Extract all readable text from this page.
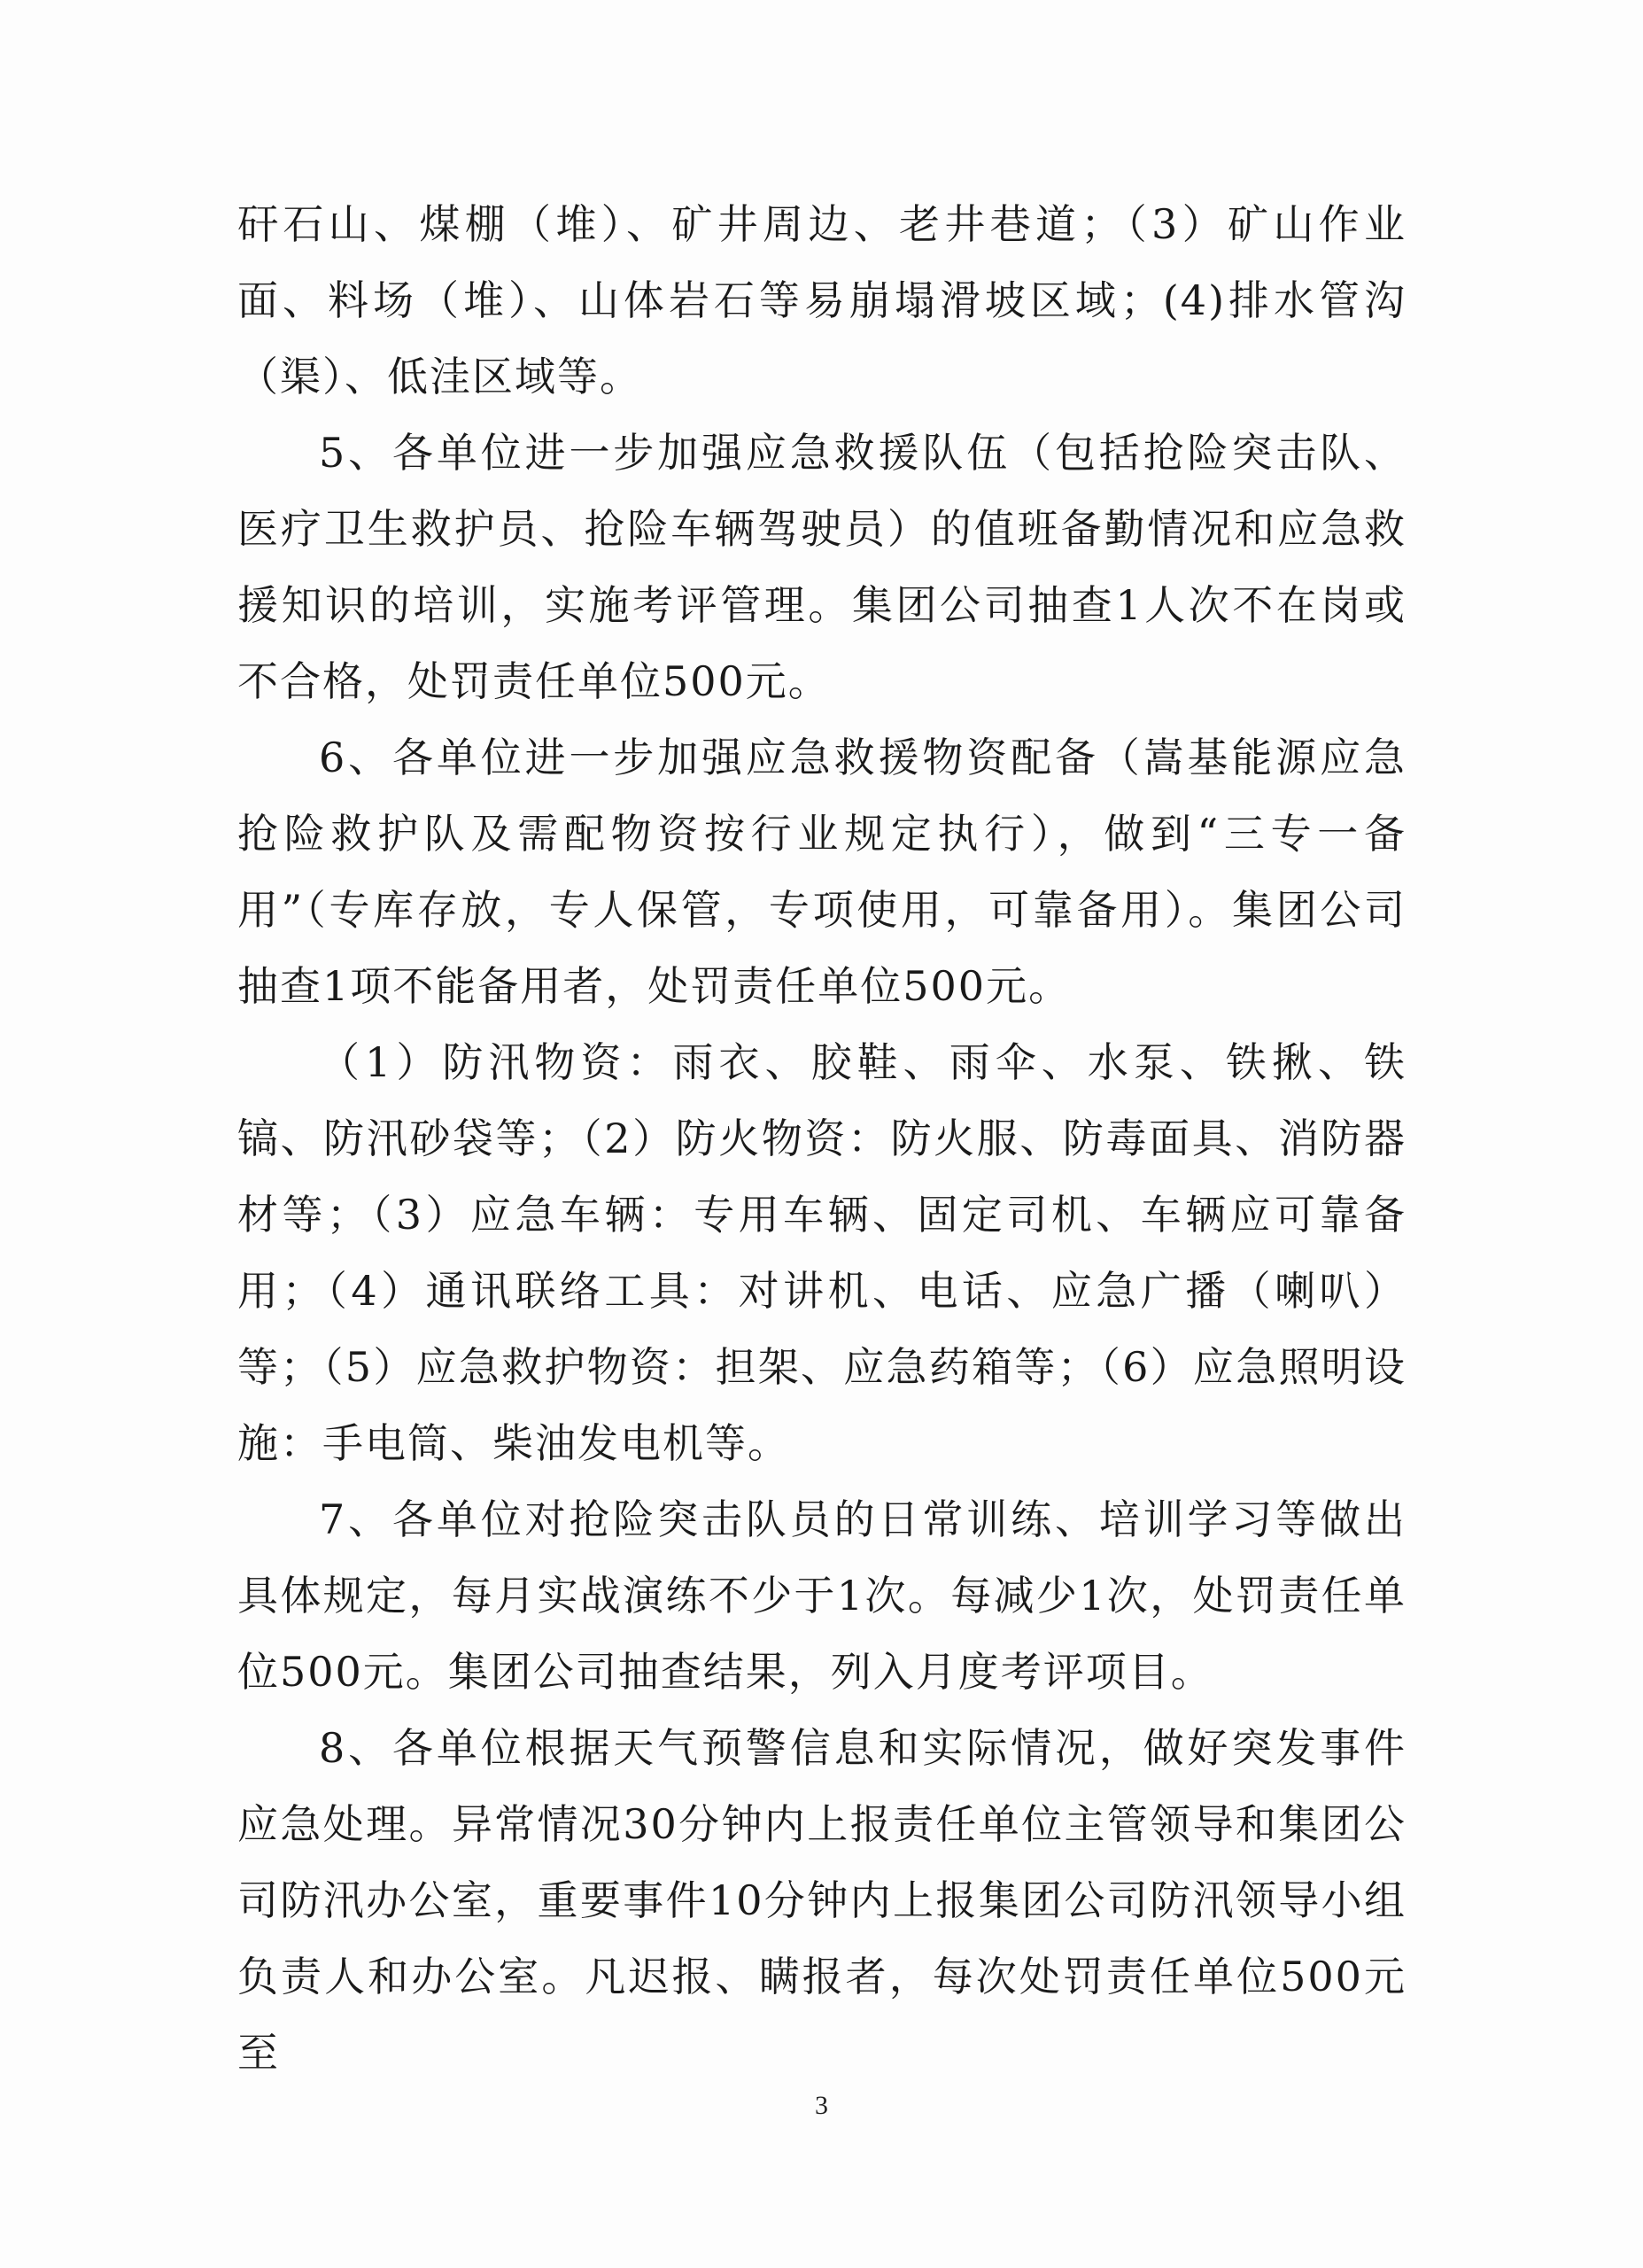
矸石山、煤棚（堆）、矿井周边、老井巷道；（3）矿山作业面、料场（堆）、山体岩石等易崩塌滑坡区域；(4)排水管沟（渠）、低洼区域等。

5、各单位进一步加强应急救援队伍（包括抢险突击队、医疗卫生救护员、抢险车辆驾驶员）的值班备勤情况和应急救援知识的培训，实施考评管理。集团公司抽查1人次不在岗或不合格，处罚责任单位500元。

6、各单位进一步加强应急救援物资配备（嵩基能源应急抢险救护队及需配物资按行业规定执行），做到“三专一备用”（专库存放，专人保管，专项使用，可靠备用）。集团公司抽查1项不能备用者，处罚责任单位500元。

（1）防汛物资：雨衣、胶鞋、雨伞、水泵、铁揪、铁镐、防汛砂袋等；（2）防火物资：防火服、防毒面具、消防器材等；（3）应急车辆：专用车辆、固定司机、车辆应可靠备用；（4）通讯联络工具：对讲机、电话、应急广播（喇叭）等；（5）应急救护物资：担架、应急药箱等；（6）应急照明设施：手电筒、柴油发电机等。

7、各单位对抢险突击队员的日常训练、培训学习等做出具体规定，每月实战演练不少于1次。每减少1次，处罚责任单位500元。集团公司抽查结果，列入月度考评项目。

8、各单位根据天气预警信息和实际情况，做好突发事件应急处理。异常情况30分钟内上报责任单位主管领导和集团公司防汛办公室，重要事件10分钟内上报集团公司防汛领导小组负责人和办公室。凡迟报、瞒报者，每次处罚责任单位500元至

3
